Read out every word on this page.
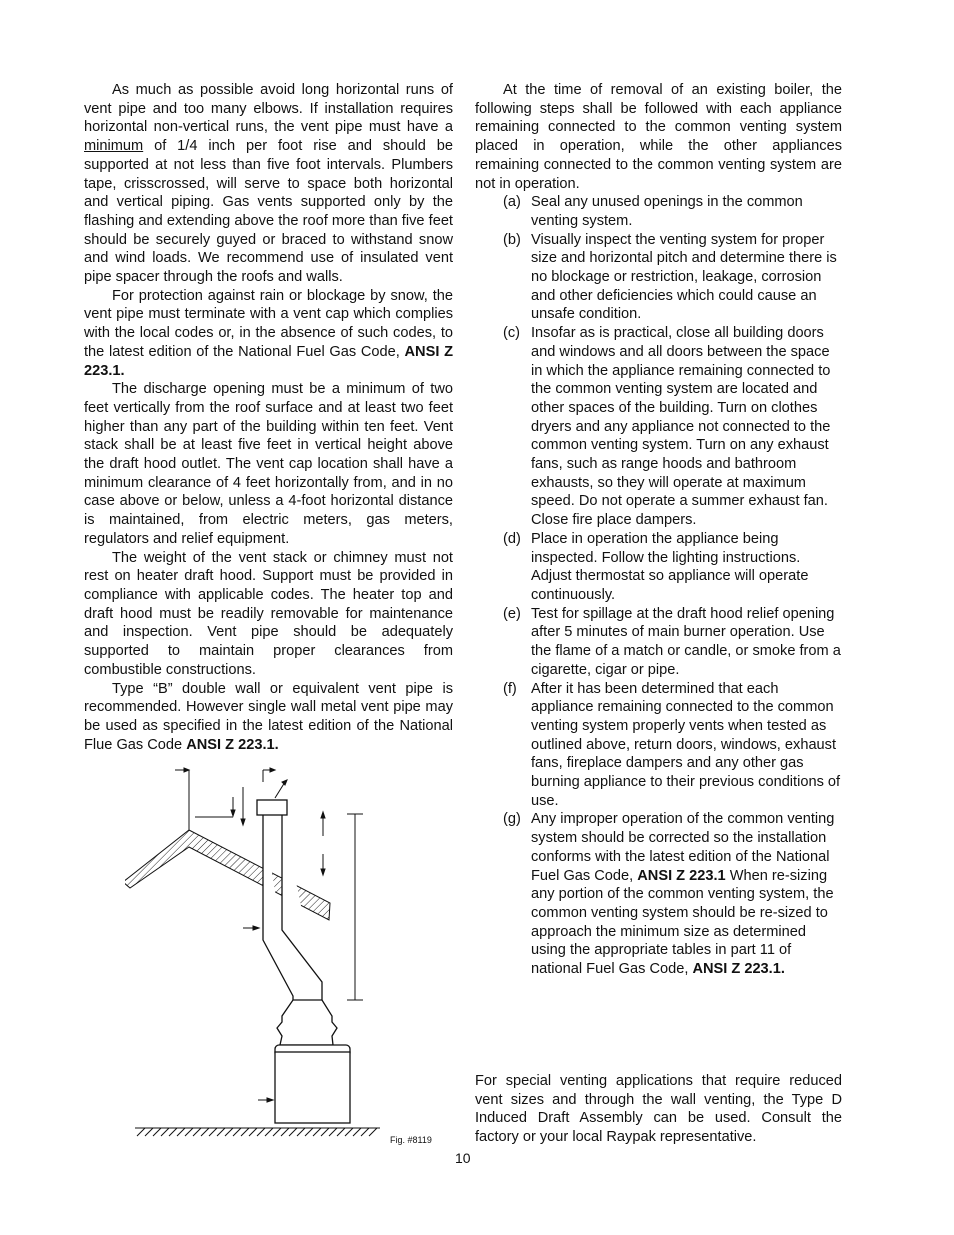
As much as possible avoid long horizontal runs of vent pipe and too many elbows. If installation requires horizontal non-vertical runs, the vent pipe must have a minimum of 1/4 inch per foot rise and should be supported at not less than five foot intervals. Plumbers tape, crisscrossed, will serve to space both horizontal and vertical piping. Gas vents supported only by the flashing and extending above the roof more than five feet should be securely guyed or braced to withstand snow and wind loads. We recommend use of insulated vent pipe spacer through the roofs and walls.

For protection against rain or blockage by snow, the vent pipe must terminate with a vent cap which complies with the local codes or, in the absence of such codes, to the latest edition of the National Fuel Gas Code, ANSI Z 223.1.

The discharge opening must be a minimum of two feet vertically from the roof surface and at least two feet higher than any part of the building within ten feet. Vent stack shall be at least five feet in vertical height above the draft hood outlet. The vent cap location shall have a minimum clearance of 4 feet horizontally from, and in no case above or below, unless a 4-foot horizontal distance is maintained, from electric meters, gas meters, regulators and relief equipment.

The weight of the vent stack or chimney must not rest on heater draft hood. Support must be provided in compliance with applicable codes. The heater top and draft hood must be readily removable for maintenance and inspection. Vent pipe should be adequately supported to maintain proper clearances from combustible constructions.

Type “B” double wall or equivalent vent pipe is recommended. However single wall metal vent pipe may be used as specified in the latest edition of the National Flue Gas Code ANSI Z 223.1.

Fig. #8119

At the time of removal of an existing boiler, the following steps shall be followed with each appliance remaining connected to the common venting system placed in operation, while the other appliances remaining connected to the common venting system are not in operation.

(a) Seal any unused openings in the common venting system.
(b) Visually inspect the venting system for proper size and horizontal pitch and determine there is no blockage or restriction, leakage, corrosion and other deficiencies which could cause an unsafe condition.
(c) Insofar as is practical, close all building doors and windows and all doors between the space in which the appliance remaining connected to the common venting system are located and other spaces of the building. Turn on clothes dryers and any appliance not connected to the common venting system. Turn on any exhaust fans, such as range hoods and bathroom exhausts, so they will operate at maximum speed. Do not operate a summer exhaust fan. Close fire place dampers.
(d) Place in operation the appliance being inspected. Follow the lighting instructions. Adjust thermostat so appliance will operate continuously.
(e) Test for spillage at the draft hood relief opening after 5 minutes of main burner operation. Use the flame of a match or candle, or smoke from a cigarette, cigar or pipe.
(f) After it has been determined that each appliance remaining connected to the common venting system properly vents when tested as outlined above, return doors, windows, exhaust fans, fireplace dampers and any other gas burning appliance to their previous conditions of use.
(g) Any improper operation of the common venting system should be corrected so the installation conforms with the latest edition of the National Fuel Gas Code, ANSI Z 223.1 When re-sizing any portion of the common venting system, the common venting system should be re-sized to approach the minimum size as determined using the appropriate tables in part 11 of national Fuel Gas Code, ANSI Z 223.1.
For special venting applications that require reduced vent sizes and through the wall venting, the Type D Induced Draft Assembly can be used. Consult the factory or your local Raypak representative.
10
